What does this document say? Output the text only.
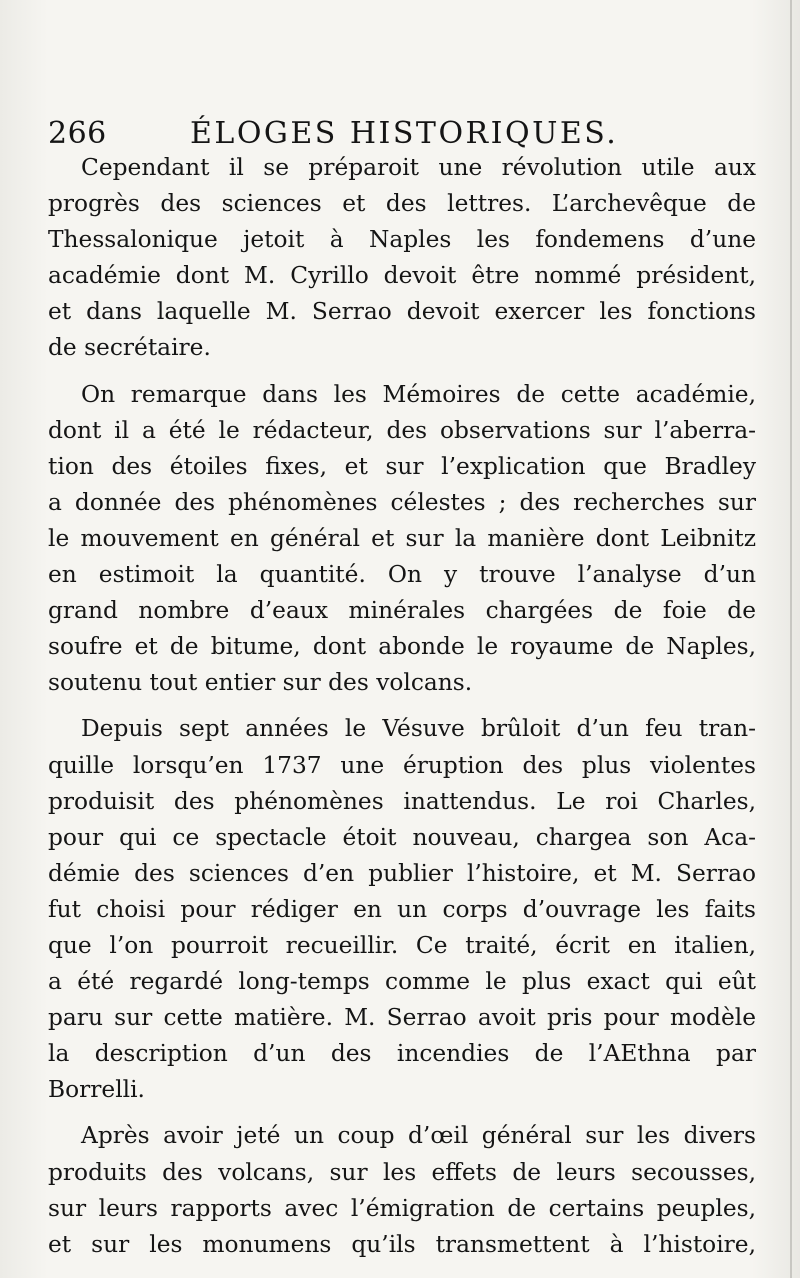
266	ÉLOGES HISTORIQUES.
Cependant il se préparoit une révolution utile aux
progrès des sciences et des lettres. L’archevêque de
Thessalonique jetoit à Naples les fondemens d’une
académie dont M. Cyrillo devoit être nommé président,
et dans laquelle M. Serrao devoit exercer les fonctions
de secrétaire.
On remarque dans les Mémoires de cette académie,
dont il a été le rédacteur, des observations sur l’aberra-
tion des étoiles fixes, et sur l’explication que Bradley
a donnée des phénomènes célestes ; des recherches sur
le mouvement en général et sur la manière dont Leibnitz
en estimoit la quantité. On y trouve l’analyse d’un
grand nombre d’eaux minérales chargées de foie de
soufre et de bitume, dont abonde le royaume de Naples,
soutenu tout entier sur des volcans.
Depuis sept années le Vésuve brûloit d’un feu tran-
quille lorsqu’en 1737 une éruption des plus violentes
produisit des phénomènes inattendus. Le roi Charles,
pour qui ce spectacle étoit nouveau, chargea son Aca-
démie des sciences d’en publier l’histoire, et M. Serrao
fut choisi pour rédiger en un corps d’ouvrage les faits
que l’on pourroit recueillir. Ce traité, écrit en italien,
a été regardé long-temps comme le plus exact qui eût
paru sur cette matière. M. Serrao avoit pris pour modèle
la description d’un des incendies de l’AEthna par
Borrelli.
Après avoir jeté un coup d’œil général sur les divers
produits des volcans, sur les effets de leurs secousses,
sur leurs rapports avec l’émigration de certains peuples,
et sur les monumens qu’ils transmettent à l’histoire,
